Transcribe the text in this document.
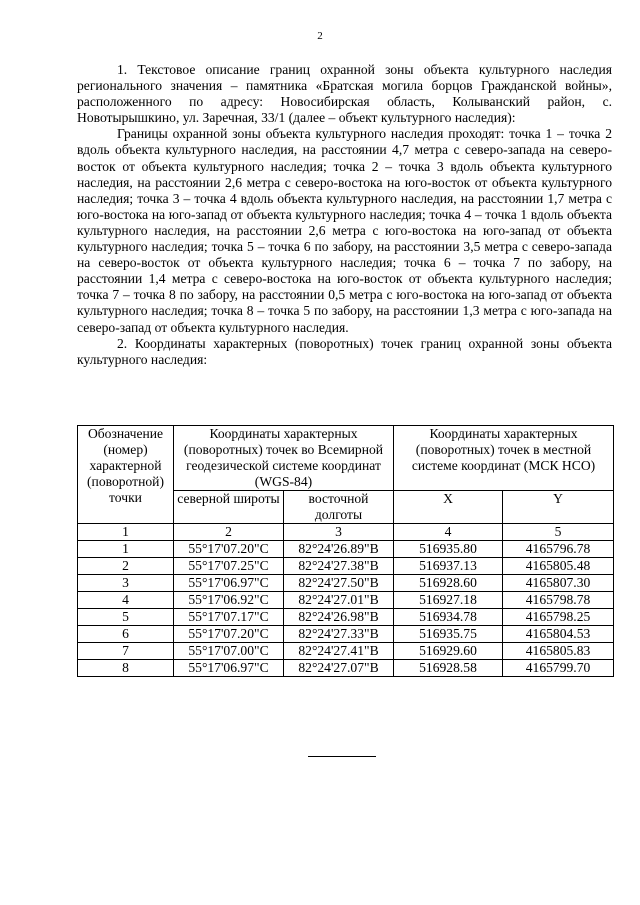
2

1. Текстовое описание границ охранной зоны объекта культурного наследия регионального значения – памятника «Братская могила борцов Гражданской войны», расположенного по адресу: Новосибирская область, Колыванский район, с. Новотырышкино, ул. Заречная, 33/1 (далее – объект культурного наследия):

Границы охранной зоны объекта культурного наследия проходят: точка 1 – точка 2 вдоль объекта культурного наследия, на расстоянии 4,7 метра с северо-запада на северо-восток от объекта культурного наследия; точка 2 – точка 3 вдоль объекта культурного наследия, на расстоянии 2,6 метра с северо-востока на юго-восток от объекта культурного наследия; точка 3 – точка 4 вдоль объекта культурного наследия, на расстоянии 1,7 метра с юго-востока на юго-запад от объекта культурного наследия; точка 4 – точка 1 вдоль объекта культурного наследия, на расстоянии 2,6 метра с юго-востока на юго-запад от объекта культурного наследия; точка 5 – точка 6 по забору, на расстоянии 3,5 метра с северо-запада на северо-восток от объекта культурного наследия; точка 6 – точка 7 по забору, на расстоянии 1,4 метра с северо-востока на юго-восток от объекта культурного наследия; точка 7 – точка 8 по забору, на расстоянии 0,5 метра с юго-востока на юго-запад от объекта культурного наследия; точка 8 – точка 5 по забору, на расстоянии 1,3 метра с юго-запада на северо-запад от объекта культурного наследия.

2. Координаты характерных (поворотных) точек границ охранной зоны объекта культурного наследия:

Обозначение (номер) характерной (поворотной) точки	Координаты характерных (поворотных) точек во Всемирной геодезической системе координат (WGS-84)		Координаты характерных (поворотных) точек в местной системе координат (МСК НСО)	
	северной широты	восточной долготы	X	Y
1	2	3	4	5
1	55°17'07.20"С	82°24'26.89"В	516935.80	4165796.78
2	55°17'07.25"С	82°24'27.38"В	516937.13	4165805.48
3	55°17'06.97"С	82°24'27.50"В	516928.60	4165807.30
4	55°17'06.92"С	82°24'27.01"В	516927.18	4165798.78
5	55°17'07.17"С	82°24'26.98"В	516934.78	4165798.25
6	55°17'07.20"С	82°24'27.33"В	516935.75	4165804.53
7	55°17'07.00"С	82°24'27.41"В	516929.60	4165805.83
8	55°17'06.97"С	82°24'27.07"В	516928.58	4165799.70
